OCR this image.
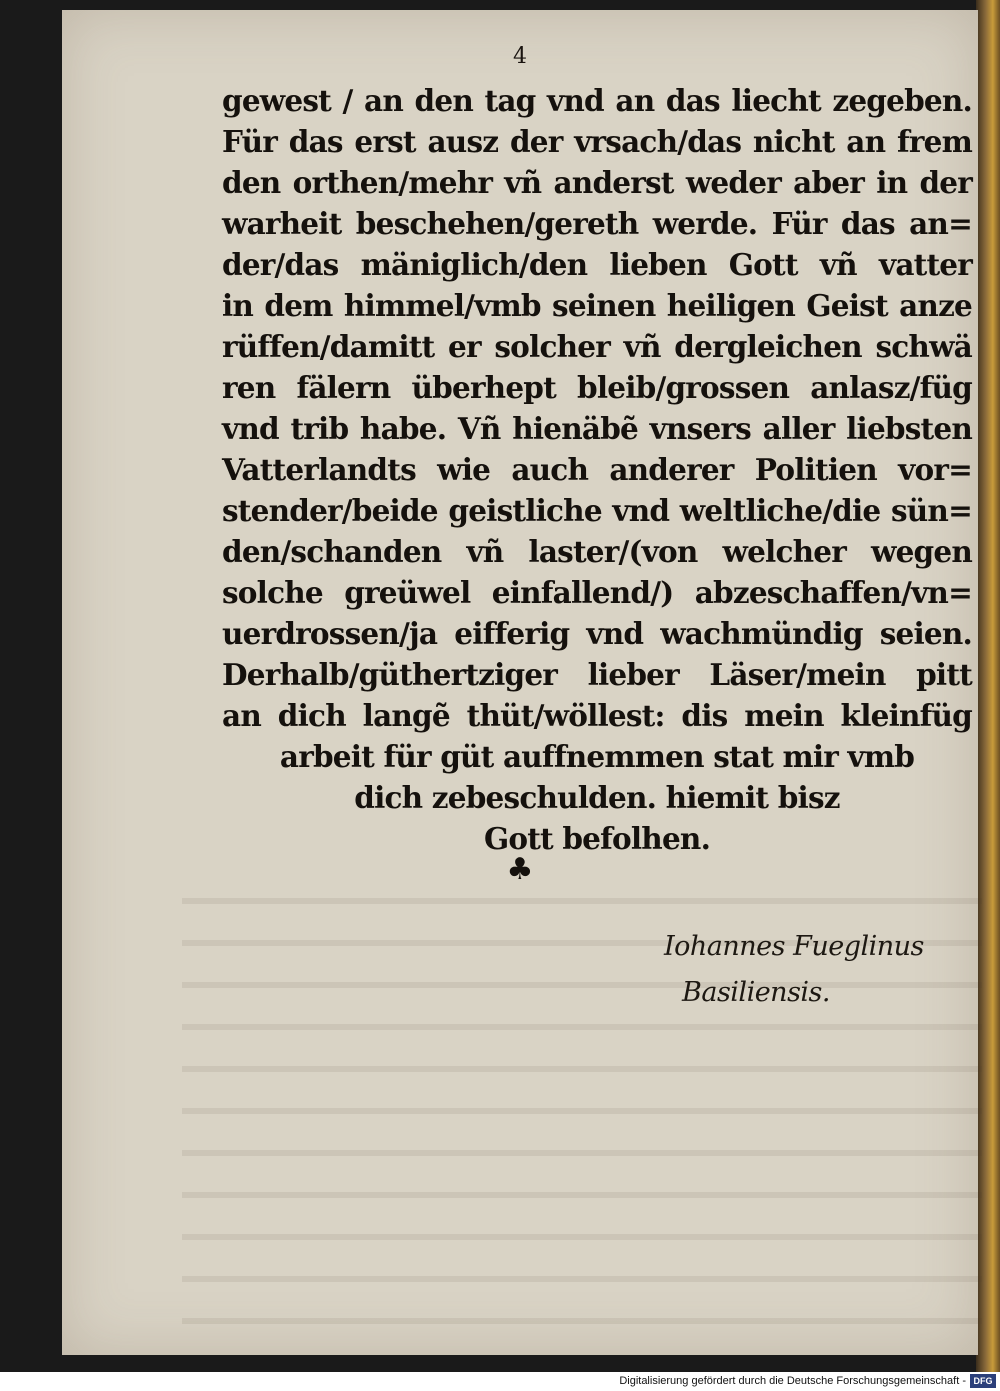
4
gewest / an den tag vnd an das liecht zegeben.
Für das erst ausz der vrsach/das nicht an frem
den orthen/mehr vñ anderst weder aber in der
warheit beschehen/gereth werde. Für das an=
der/das mäniglich/den lieben Gott vñ vatter
in dem himmel/vmb seinen heiligen Geist anze
rüffen/damitt er solcher vñ dergleichen schwä
ren fälern überhept bleib/grossen anlasz/füg
vnd trib habe. Vñ hienäbẽ vnsers aller liebsten
Vatterlandts wie auch anderer Politien vor=
stender/beide geistliche vnd weltliche/die sün=
den/schanden vñ laster/(von welcher wegen
solche greüwel einfallend/) abzeschaffen/vn=
uerdrossen/ja eifferig vnd wachmündig seien.
Derhalb/güthertziger lieber Läser/mein pitt
an dich langẽ thüt/wöllest: dis mein kleinfüg
arbeit für güt auffnemmen stat mir vmb
dich zebeschulden. hiemit bisz
Gott befolhen.
♣
Iohannes Fueglinus
Basiliensis.
Digitalisierung gefördert durch die Deutsche Forschungsgemeinschaft - DFG
